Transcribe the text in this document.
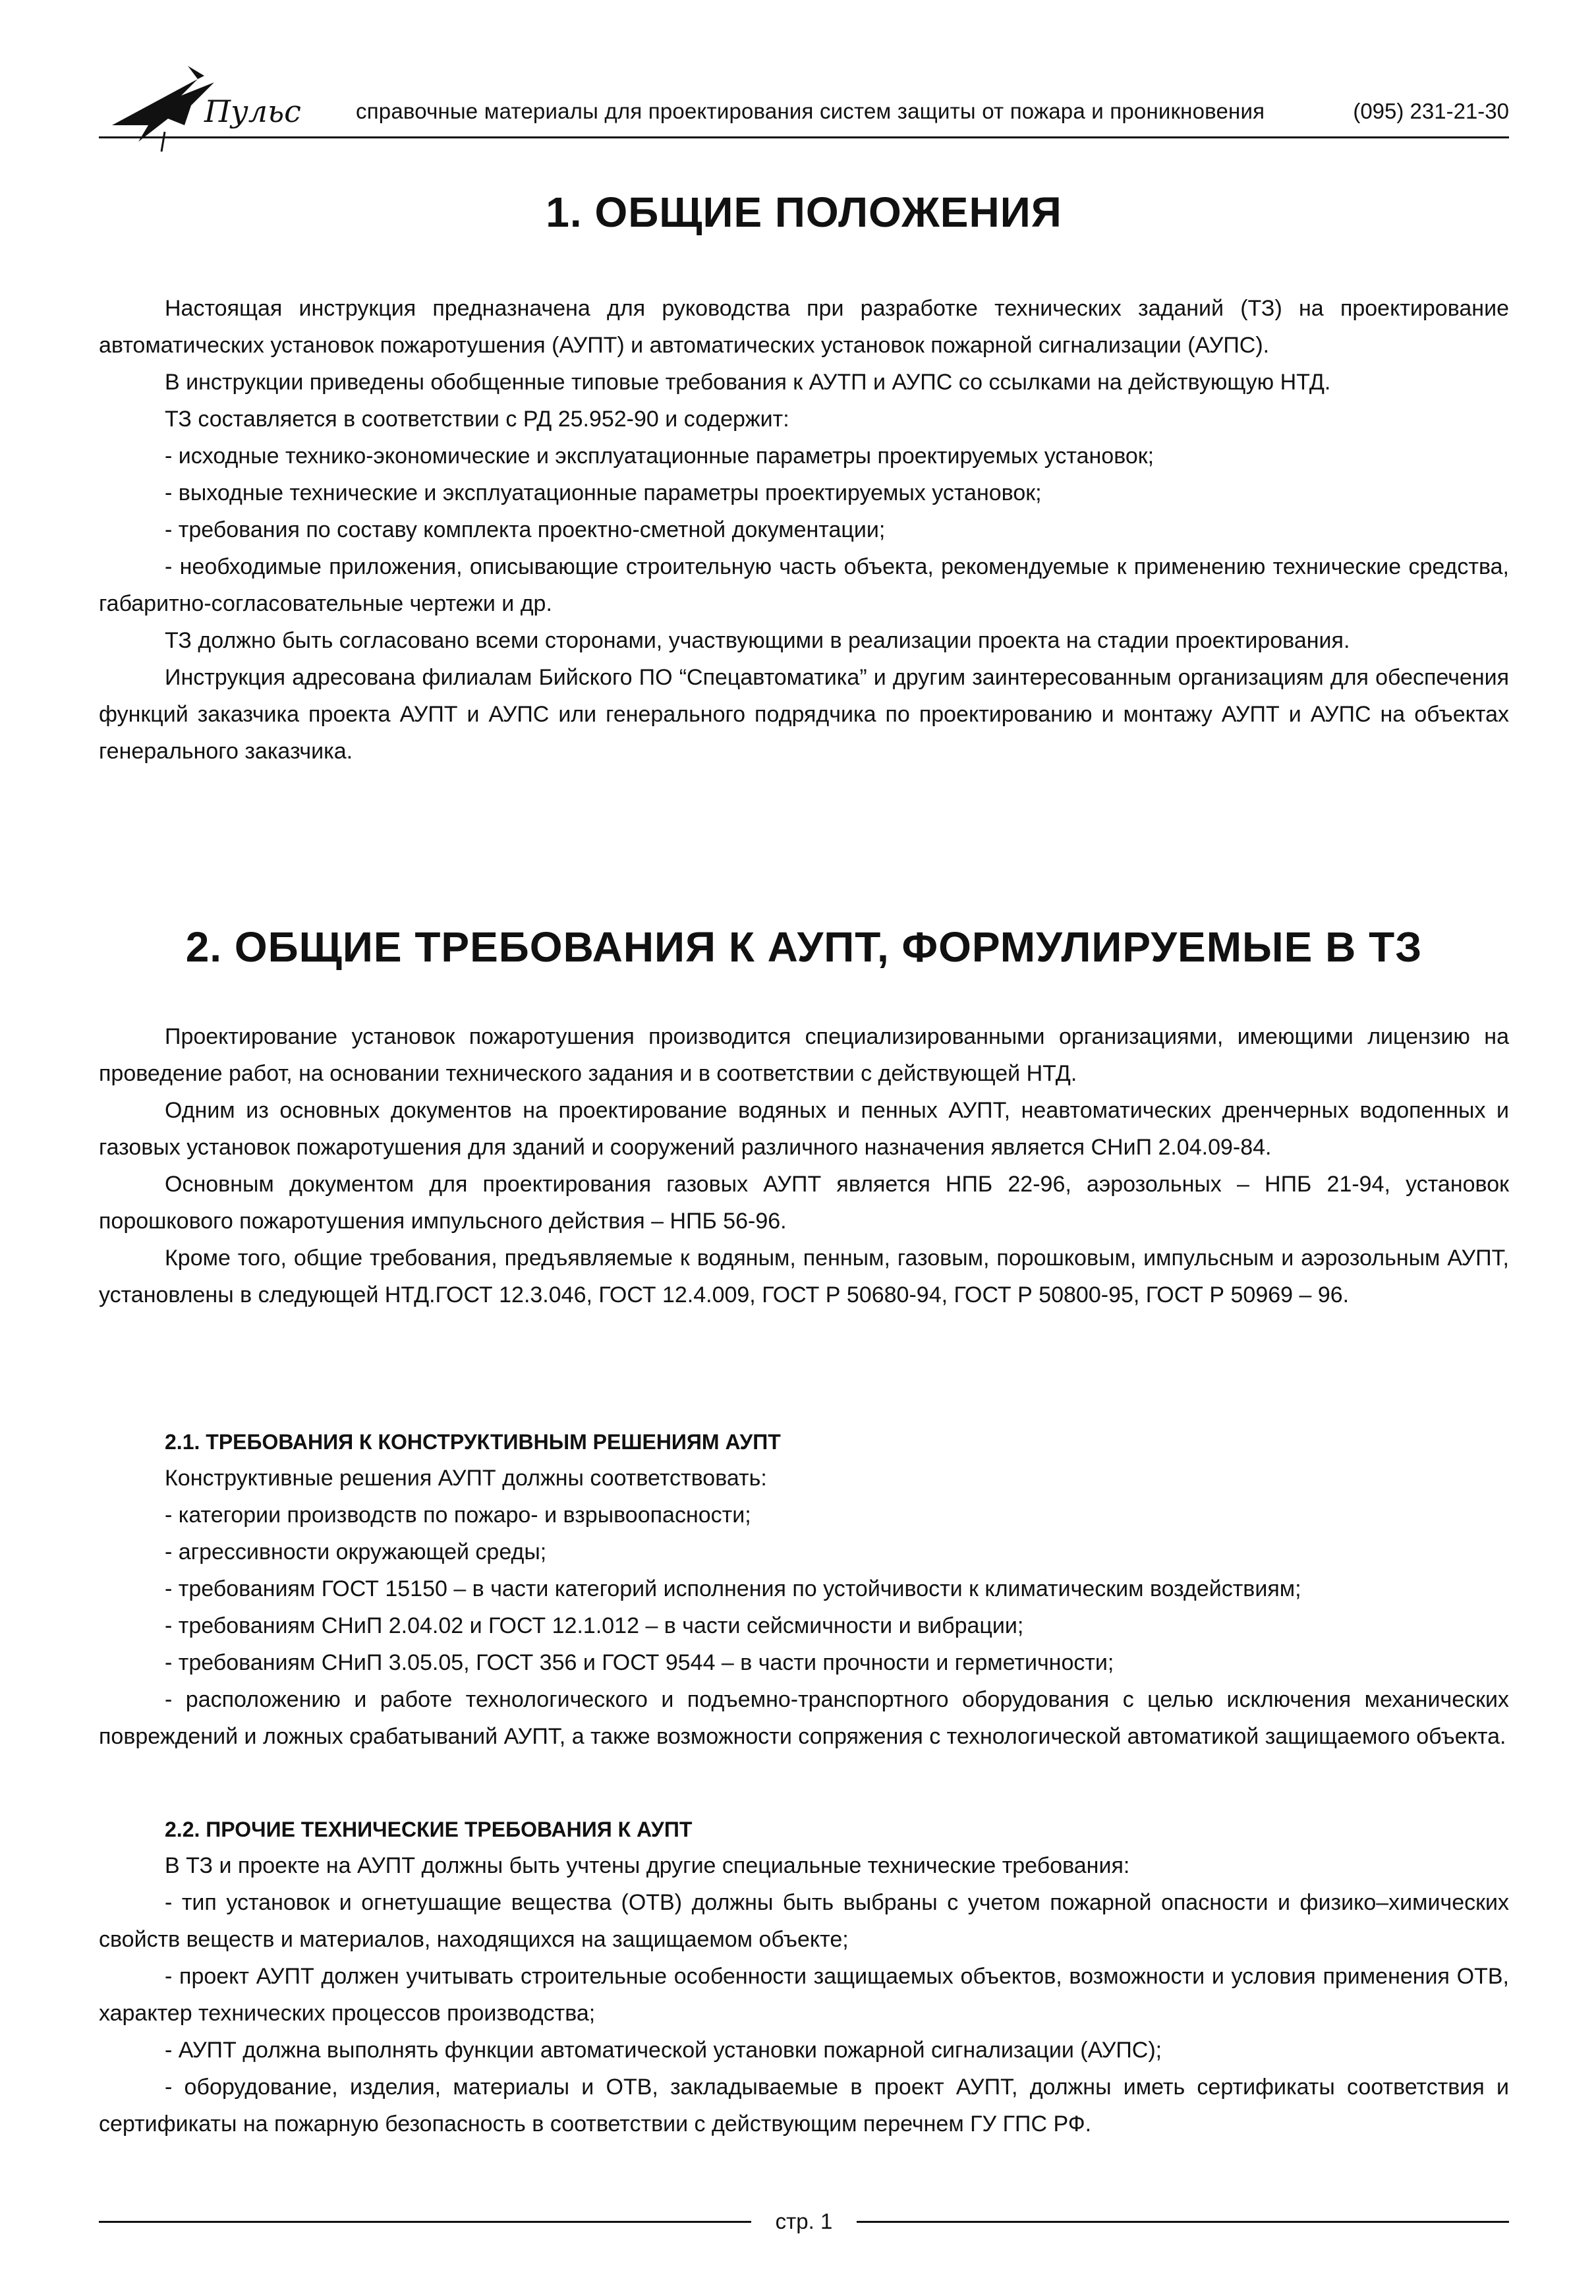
Пульс	справочные материалы для проектирования систем защиты от пожара и проникновения	(095) 231-21-30
1. ОБЩИЕ ПОЛОЖЕНИЯ

Настоящая инструкция предназначена для руководства при разработке технических заданий (ТЗ) на проектирование автоматических установок пожаротушения (АУПТ) и автоматических установок пожарной сигнализации (АУПС).

В инструкции приведены обобщенные типовые требования к АУТП и АУПС со ссылками на действующую НТД.

ТЗ составляется в соответствии с РД 25.952-90 и содержит:

- исходные технико-экономические и эксплуатационные параметры проектируемых установок;

- выходные технические и эксплуатационные параметры проектируемых установок;

- требования по составу комплекта проектно-сметной документации;

- необходимые приложения, описывающие строительную часть объекта, рекомендуемые к применению технические средства, габаритно-согласовательные чертежи и др.

ТЗ должно быть согласовано всеми сторонами, участвующими в реализации проекта на стадии проектирования.

Инструкция адресована филиалам Бийского ПО “Спецавтоматика” и другим заинтересованным организациям для обеспечения функций заказчика проекта АУПТ и АУПС или генерального подрядчика по проектированию и монтажу АУПТ и АУПС на объектах генерального заказчика.

2. ОБЩИЕ ТРЕБОВАНИЯ К АУПТ, ФОРМУЛИРУЕМЫЕ В ТЗ

Проектирование установок пожаротушения производится специализированными организациями, имеющими лицензию на проведение работ, на основании технического задания и в соответствии с действующей НТД.

Одним из основных документов на проектирование водяных и пенных АУПТ, неавтоматических дренчерных водопенных и газовых установок пожаротушения для зданий и сооружений различного назначения является СНиП 2.04.09-84.

Основным документом для проектирования газовых АУПТ является НПБ 22-96, аэрозольных – НПБ 21-94, установок порошкового пожаротушения импульсного действия – НПБ 56-96.

Кроме того, общие требования, предъявляемые к водяным, пенным, газовым, порошковым, импульсным и аэрозольным АУПТ, установлены в следующей НТД.ГОСТ 12.3.046, ГОСТ 12.4.009, ГОСТ Р 50680-94, ГОСТ Р 50800-95, ГОСТ Р 50969 – 96.

2.1. ТРЕБОВАНИЯ К КОНСТРУКТИВНЫМ РЕШЕНИЯМ АУПТ

Конструктивные решения АУПТ должны соответствовать:

- категории производств по пожаро- и взрывоопасности;

- агрессивности окружающей среды;

- требованиям ГОСТ 15150 – в части категорий исполнения по устойчивости к климатическим воздействиям;

- требованиям СНиП 2.04.02 и ГОСТ 12.1.012 – в части сейсмичности и вибрации;

- требованиям СНиП 3.05.05, ГОСТ 356 и ГОСТ 9544 – в части прочности и герметичности;

- расположению и работе технологического и подъемно-транспортного оборудования с целью исключения механических повреждений и ложных срабатываний АУПТ, а также возможности сопряжения с технологической автоматикой защищаемого объекта.

2.2. ПРОЧИЕ ТЕХНИЧЕСКИЕ ТРЕБОВАНИЯ К АУПТ

В ТЗ и проекте на АУПТ должны быть учтены другие специальные технические требования:

- тип установок и огнетушащие вещества (ОТВ) должны быть выбраны с учетом пожарной опасности и физико–химических свойств веществ и материалов, находящихся на защищаемом объекте;

- проект АУПТ должен учитывать строительные особенности защищаемых объектов, возможности и условия применения ОТВ, характер технических процессов производства;

- АУПТ должна выполнять функции автоматической установки пожарной сигнализации (АУПС);

- оборудование, изделия, материалы и ОТВ, закладываемые в проект АУПТ, должны иметь сертификаты соответствия и сертификаты на пожарную безопасность в соответствии с действующим перечнем ГУ ГПС РФ.

стр. 1
